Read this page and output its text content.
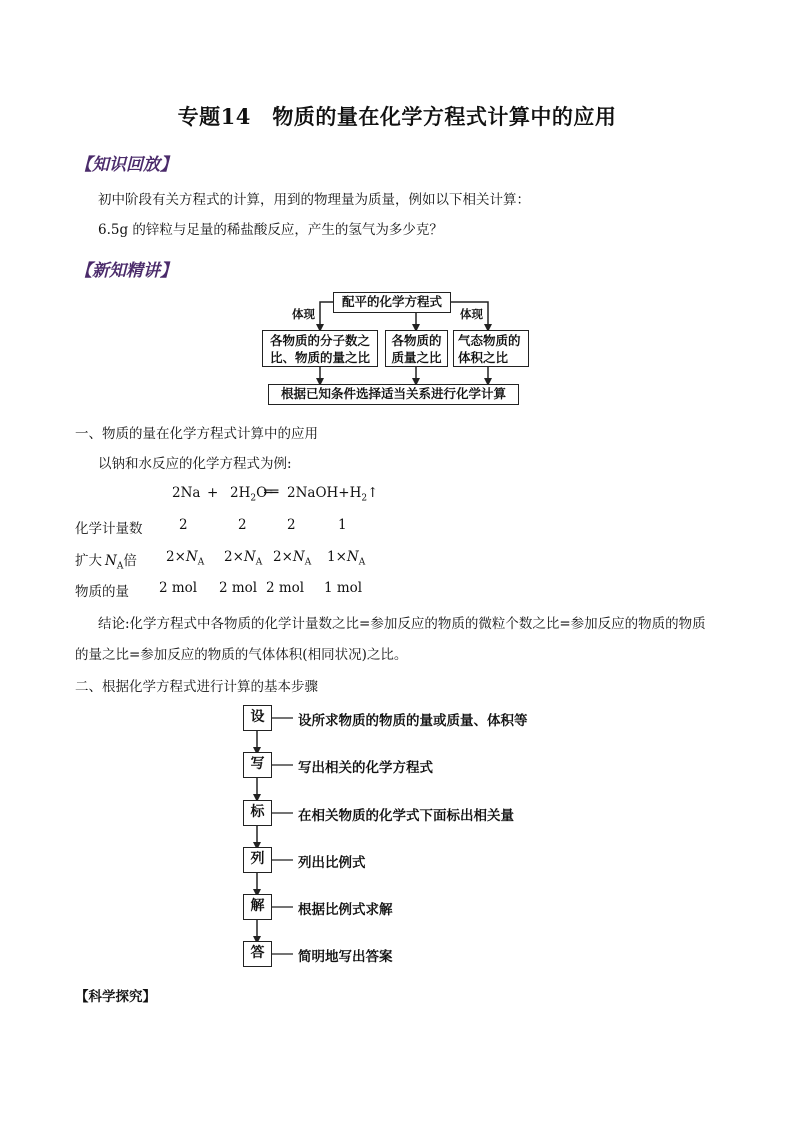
专题14　物质的量在化学方程式计算中的应用
【知识回放】
初中阶段有关方程式的计算，用到的物理量为质量，例如以下相关计算：
6.5g 的锌粒与足量的稀盐酸反应，产生的氢气为多少克？
【新知精讲】
配平的化学方程式
体现	体现
各物质的分子数之
比、物质的量之比
各物质的
质量之比
气态物质的
体积之比
根据已知条件选择适当关系进行化学计算
一、物质的量在化学方程式计算中的应用
以钠和水反应的化学方程式为例:
$2Na + 2H_2O$
══ $2NaOH+H_2↑$
化学计量数	2	2	2	1
扩大 $N_A$倍 $2\times N_A$ $2\times N_A$ $2\times N_A$ $1\times N_A$
物质的量 2 mol 2 mol 2 mol 1 mol
结论:化学方程式中各物质的化学计量数之比=参加反应的物质的微粒个数之比=参加反应的物质的物质
的量之比=参加反应的物质的气体体积(相同状况)之比。
二、根据化学方程式进行计算的基本步骤
设	设所求物质的物质的量或质量、体积等
写	写出相关的化学方程式
标	在相关物质的化学式下面标出相关量
列	列出比例式
解	根据比例式求解
答	简明地写出答案
【科学探究】
